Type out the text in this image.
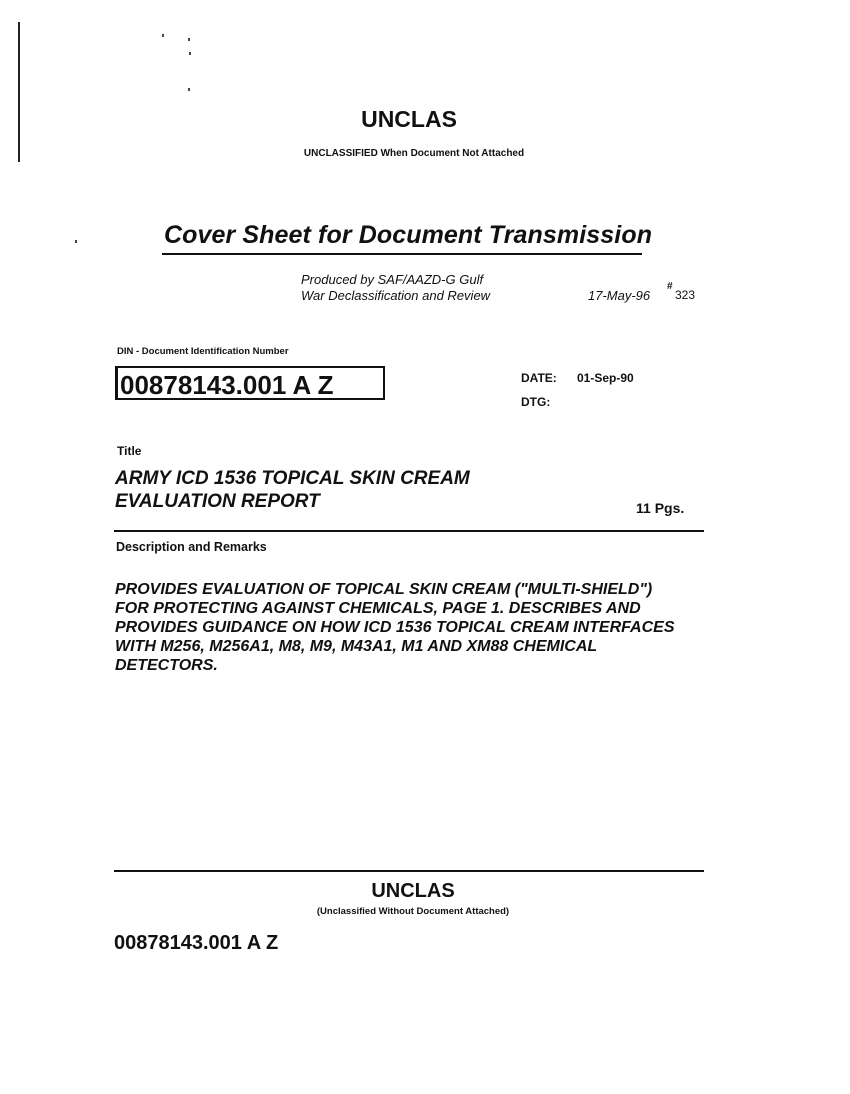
UNCLAS
UNCLASSIFIED When Document Not Attached
Cover Sheet for Document Transmission
Produced by SAF/AAZD-G Gulf
War Declassification and Review	17-May-96
#
323
DIN - Document Identification Number
00878143.001 A Z	DATE: 01-Sep-90
DTG:
Title
ARMY ICD 1536 TOPICAL SKIN CREAM
EVALUATION REPORT	11 Pgs.
Description and Remarks
PROVIDES EVALUATION OF TOPICAL SKIN CREAM ("MULTI-SHIELD")
FOR PROTECTING AGAINST CHEMICALS, PAGE 1. DESCRIBES AND
PROVIDES GUIDANCE ON HOW ICD 1536 TOPICAL CREAM INTERFACES
WITH M256, M256A1, M8, M9, M43A1, M1 AND XM88 CHEMICAL
DETECTORS.
UNCLAS
(Unclassified Without Document Attached)
00878143.001 A Z
